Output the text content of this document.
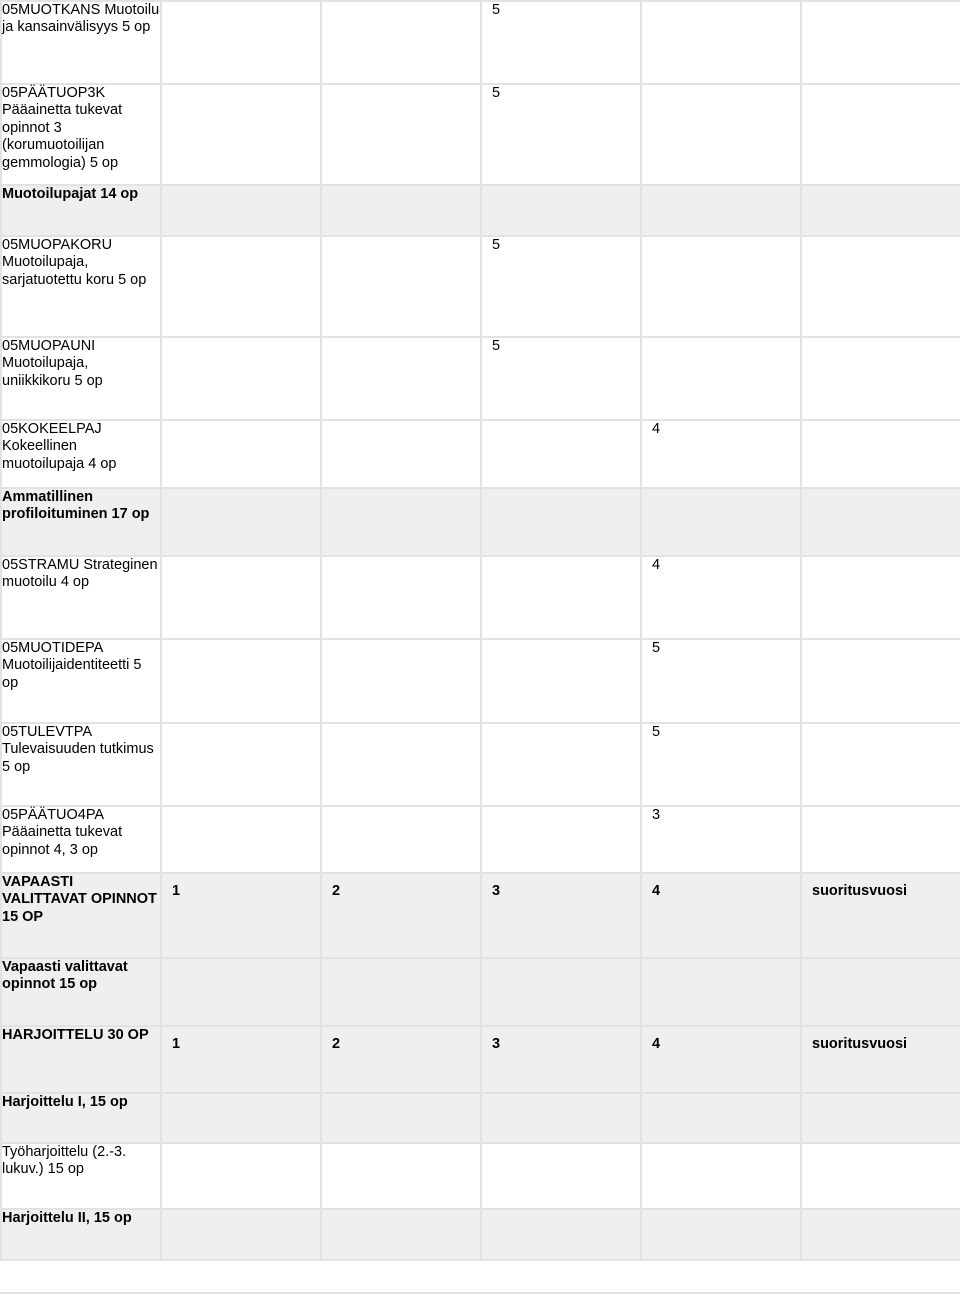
05MUOTKANS Muotoilu ja kansainvälisyys 5 op			5		

05PÄÄTUOP3K Pääainetta tukevat opinnot 3 (korumuotoilijan gemmologia) 5 op			5		

Muotoilupajat 14 op					
05MUOPAKORU Muotoilupaja, sarjatuotettu koru 5 op			5		

05MUOPAUNI Muotoilupaja, uniikkikoru 5 op			5		

05KOKEELPAJ Kokeellinen muotoilupaja 4 op				4	

Ammatillinen profiloituminen 17 op					
05STRAMU Strateginen muotoilu 4 op				4	

05MUOTIDEPA Muotoilijaidentiteetti 5 op				5	

05TULEVTPA Tulevaisuuden tutkimus 5 op				5	

05PÄÄTUO4PA Pääainetta tukevat opinnot 4, 3 op				3	

VAPAASTI VALITTAVAT OPINNOT 15 OP	1	2	3	4	suoritusvuosi
Vapaasti valittavat opinnot 15 op					
HARJOITTELU 30 OP	1	2	3	4	suoritusvuosi
Harjoittelu I, 15 op					
Työharjoittelu (2.-3. lukuv.) 15 op	

Harjoittelu II, 15 op					
